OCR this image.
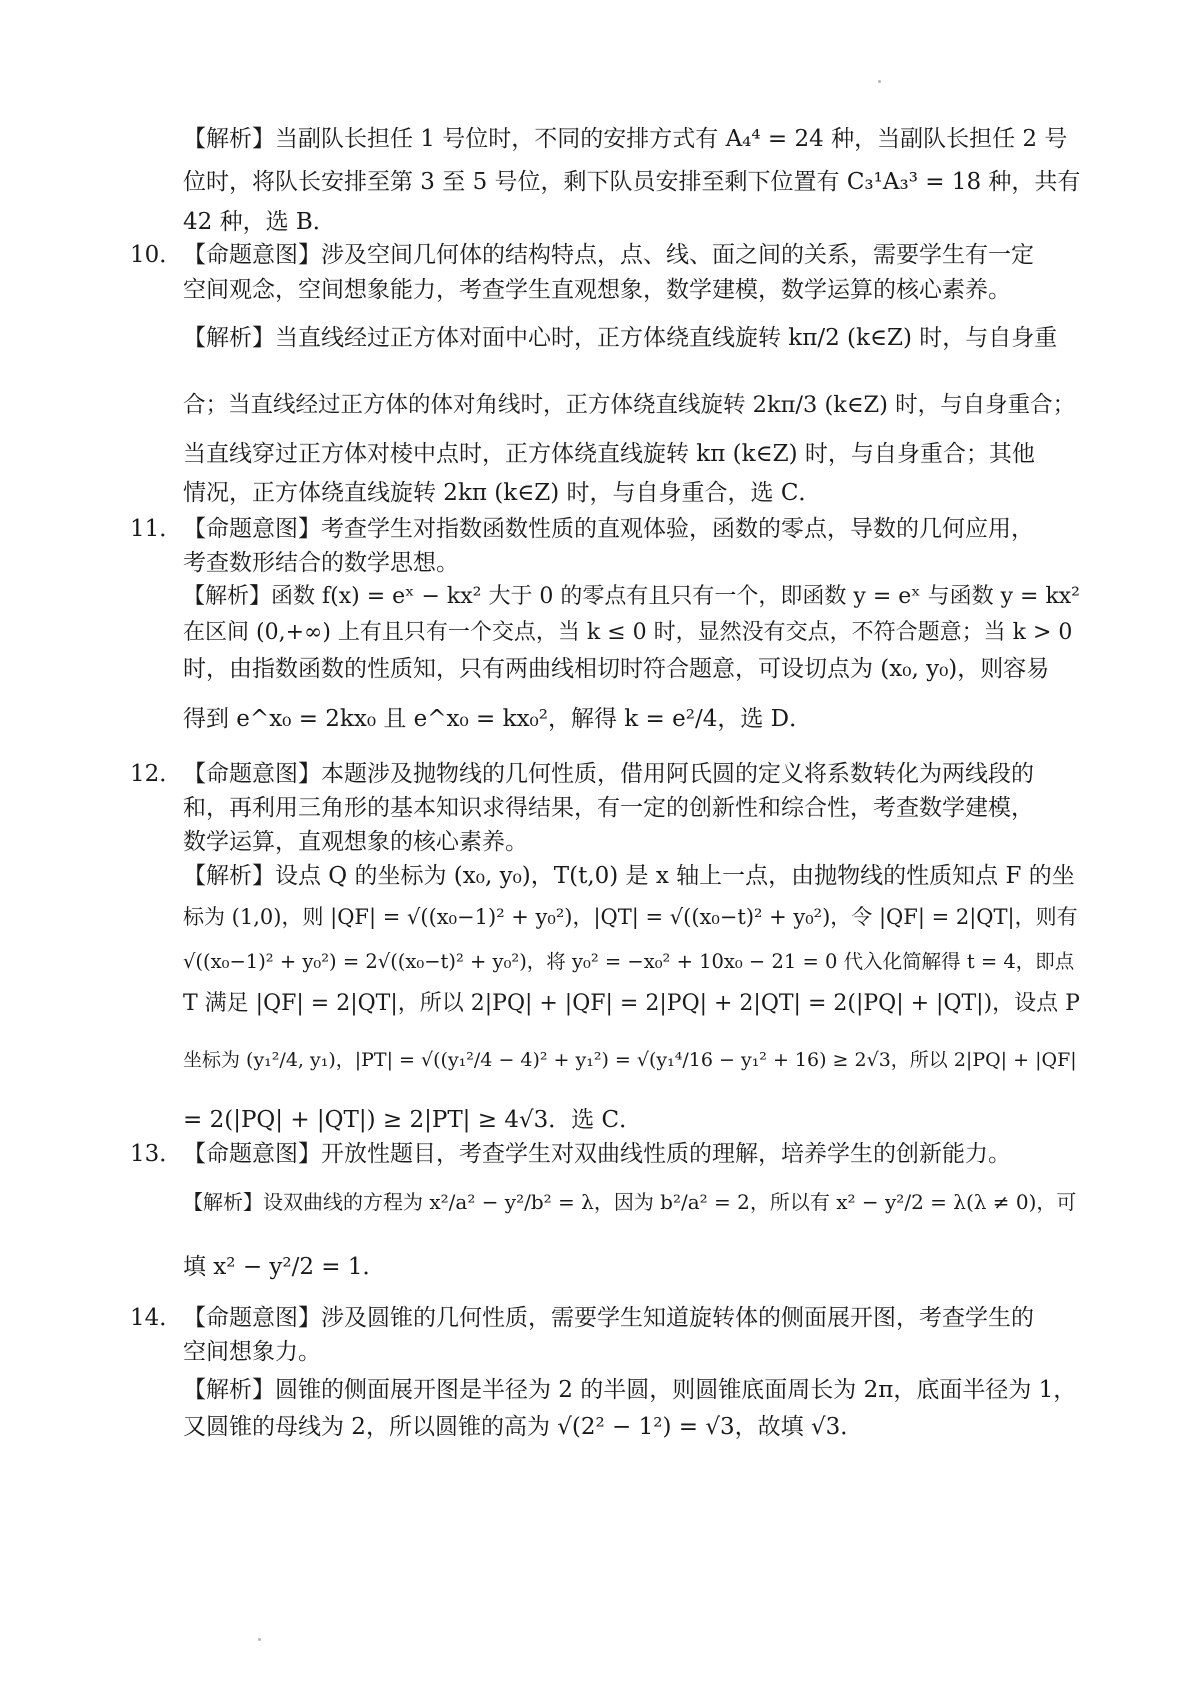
【解析】当副队长担任 1 号位时，不同的安排方式有 A₄⁴ = 24 种，当副队长担任 2 号
位时，将队长安排至第 3 至 5 号位，剩下队员安排至剩下位置有 C₃¹A₃³ = 18 种，共有
42 种，选 B．
10． 【命题意图】涉及空间几何体的结构特点，点、线、面之间的关系，需要学生有一定
空间观念，空间想象能力，考查学生直观想象，数学建模，数学运算的核心素养。
【解析】当直线经过正方体对面中心时，正方体绕直线旋转 kπ/2 (k∈Z) 时，与自身重
合；当直线经过正方体的体对角线时，正方体绕直线旋转 2kπ/3 (k∈Z) 时，与自身重合；
当直线穿过正方体对棱中点时，正方体绕直线旋转 kπ (k∈Z) 时，与自身重合；其他
情况，正方体绕直线旋转 2kπ (k∈Z) 时，与自身重合，选 C．
11． 【命题意图】考查学生对指数函数性质的直观体验，函数的零点，导数的几何应用，
考查数形结合的数学思想。
【解析】函数 f(x) = eˣ − kx² 大于 0 的零点有且只有一个，即函数 y = eˣ 与函数 y = kx²
在区间 (0,+∞) 上有且只有一个交点，当 k ≤ 0 时，显然没有交点，不符合题意；当 k > 0
时，由指数函数的性质知，只有两曲线相切时符合题意，可设切点为 (x₀, y₀)，则容易
得到 e^x₀ = 2kx₀ 且 e^x₀ = kx₀²，解得 k = e²/4，选 D．
12． 【命题意图】本题涉及抛物线的几何性质，借用阿氏圆的定义将系数转化为两线段的
和，再利用三角形的基本知识求得结果，有一定的创新性和综合性，考查数学建模，
数学运算，直观想象的核心素养。
【解析】设点 Q 的坐标为 (x₀, y₀)，T(t,0) 是 x 轴上一点，由抛物线的性质知点 F 的坐
标为 (1,0)，则 |QF| = √((x₀−1)² + y₀²)，|QT| = √((x₀−t)² + y₀²)，令 |QF| = 2|QT|，则有
√((x₀−1)² + y₀²) = 2√((x₀−t)² + y₀²)，将 y₀² = −x₀² + 10x₀ − 21 = 0 代入化简解得 t = 4，即点
T 满足 |QF| = 2|QT|，所以 2|PQ| + |QF| = 2|PQ| + 2|QT| = 2(|PQ| + |QT|)，设点 P
坐标为 (y₁²/4, y₁)，|PT| = √((y₁²/4 − 4)² + y₁²) = √(y₁⁴/16 − y₁² + 16) ≥ 2√3，所以 2|PQ| + |QF|
= 2(|PQ| + |QT|) ≥ 2|PT| ≥ 4√3．选 C．
13． 【命题意图】开放性题目，考查学生对双曲线性质的理解，培养学生的创新能力。
【解析】设双曲线的方程为 x²/a² − y²/b² = λ，因为 b²/a² = 2，所以有 x² − y²/2 = λ(λ ≠ 0)，可
填 x² − y²/2 = 1．
14． 【命题意图】涉及圆锥的几何性质，需要学生知道旋转体的侧面展开图，考查学生的
空间想象力。
【解析】圆锥的侧面展开图是半径为 2 的半圆，则圆锥底面周长为 2π，底面半径为 1，
又圆锥的母线为 2，所以圆锥的高为 √(2² − 1²) = √3，故填 √3．
